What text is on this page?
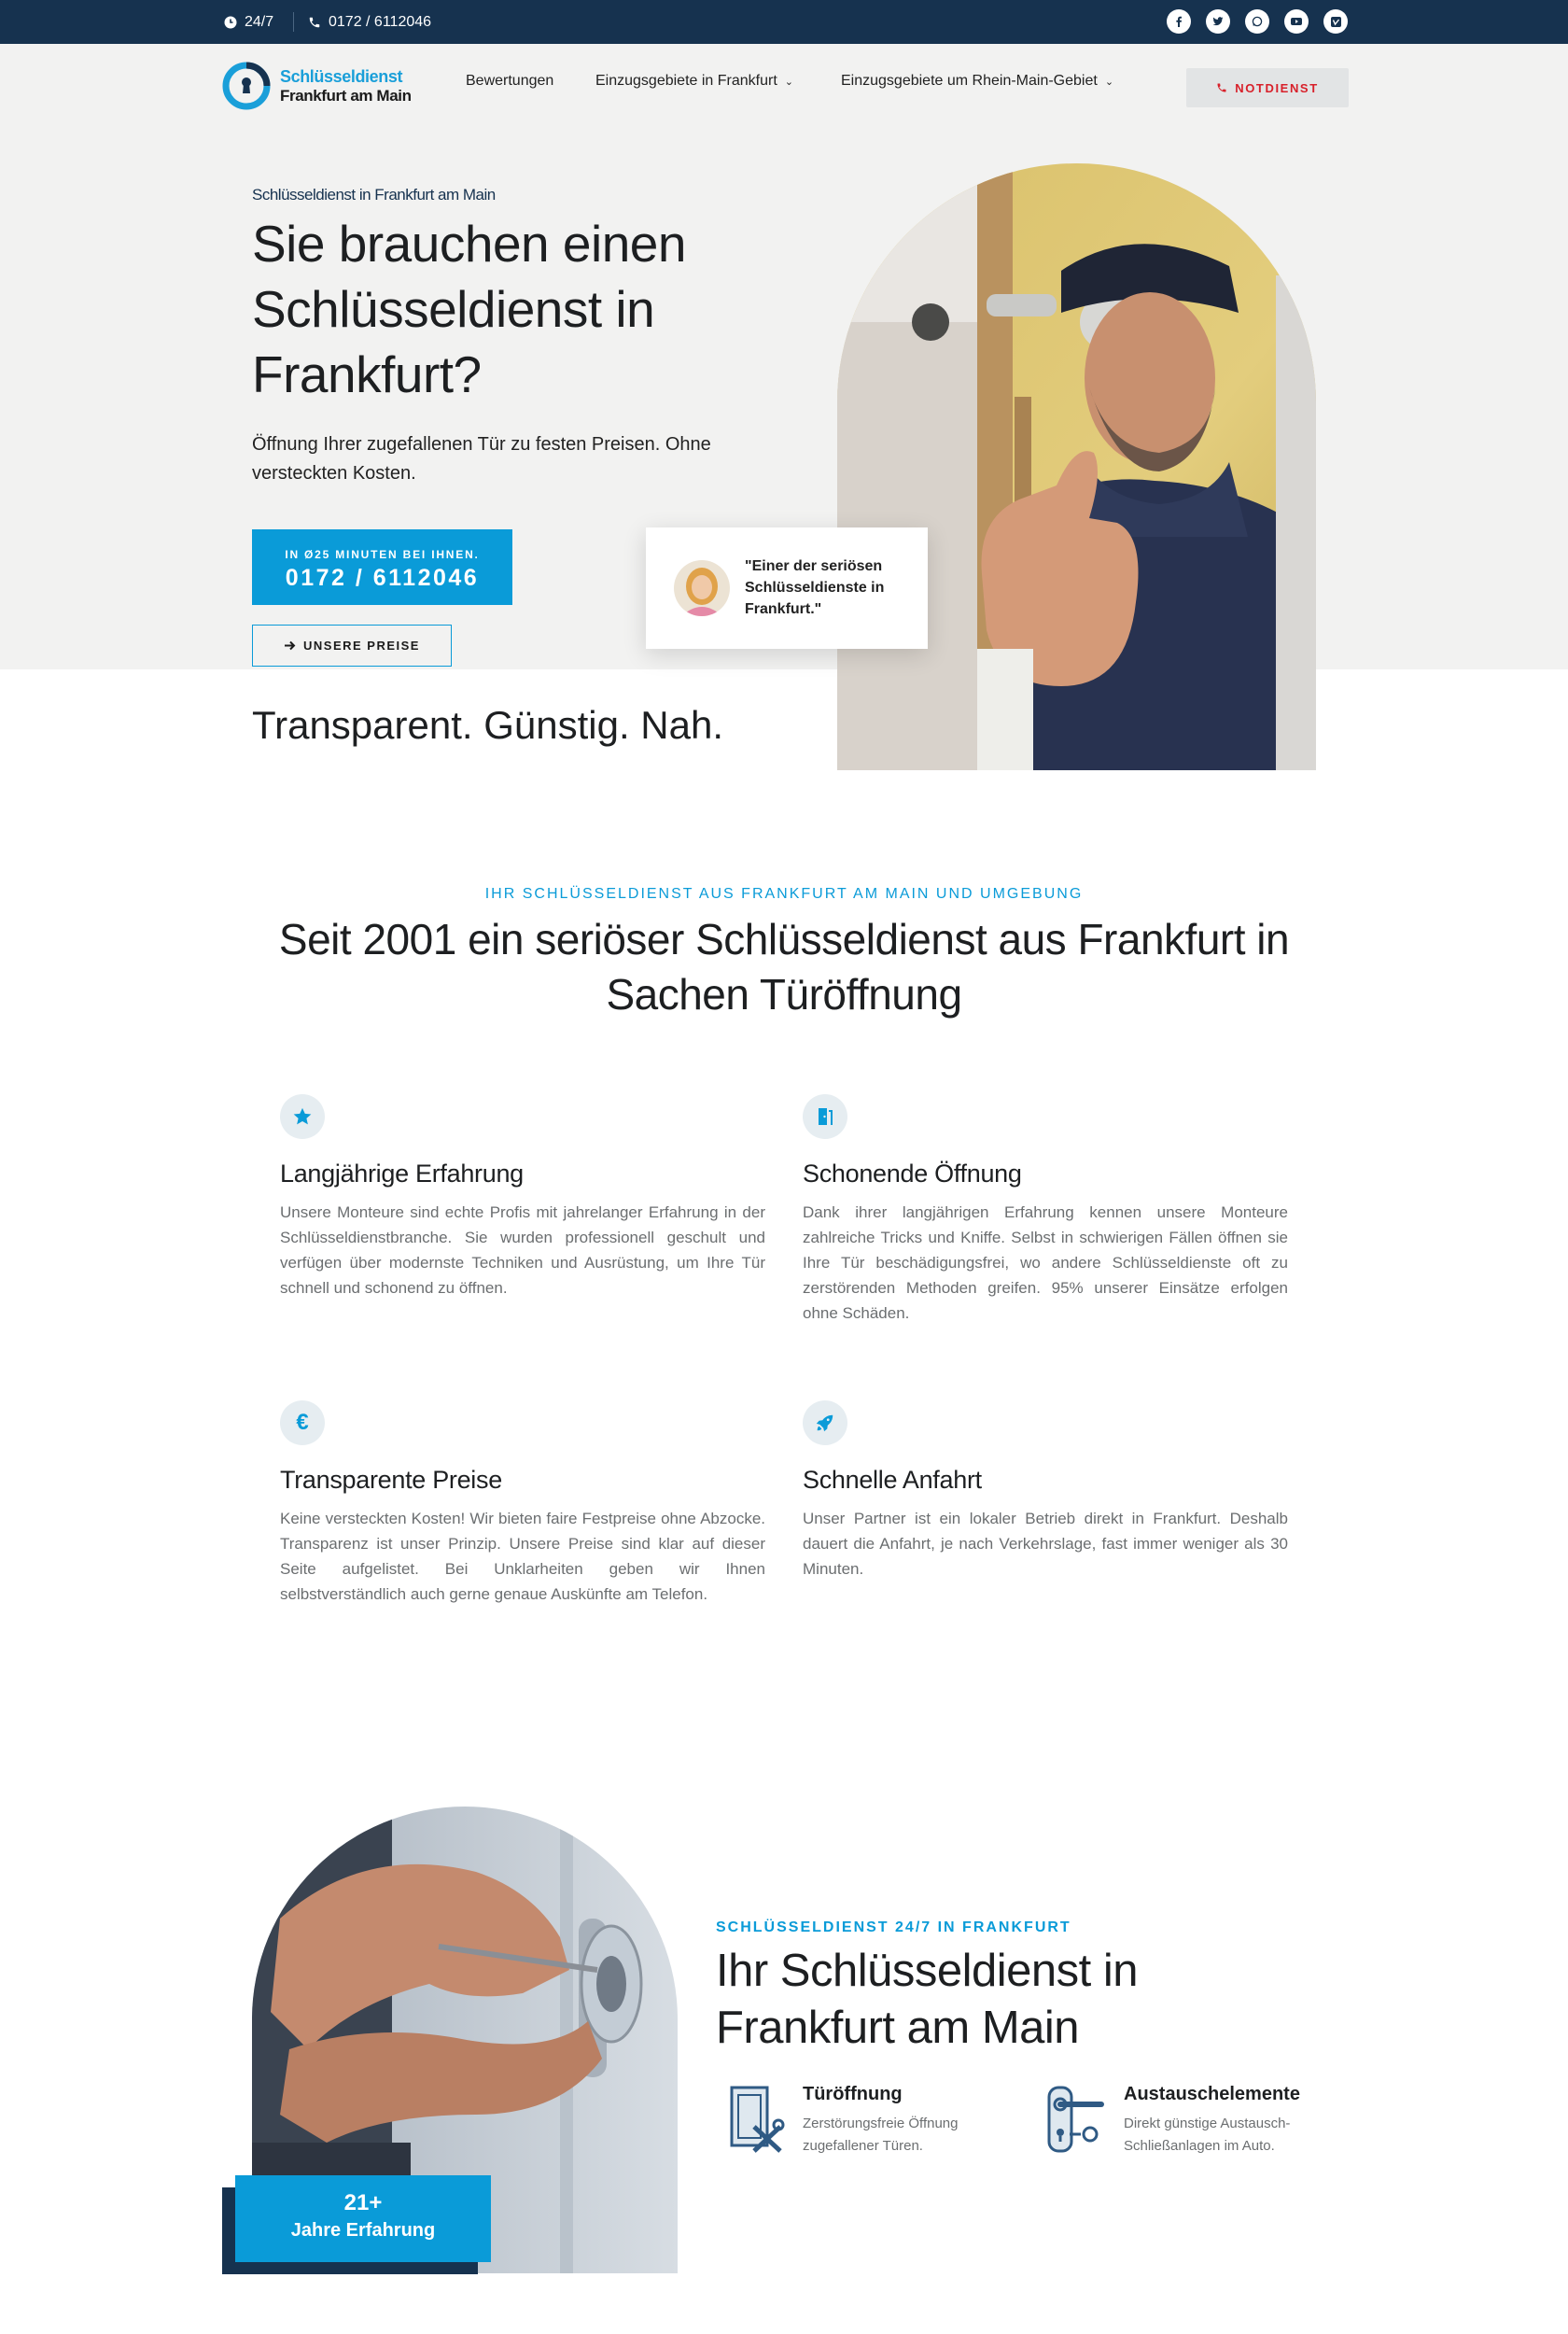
24/7	0172 / 6112046
Schlüsseldienst
Frankfurt am Main
Bewertungen	Einzugsgebiete in Frankfurt ⌄	Einzugsgebiete um Rhein-Main-Gebiet ⌄	NOTDIENST
Schlüsseldienst in Frankfurt am Main
Sie brauchen einen Schlüsseldienst in Frankfurt?
Öffnung Ihrer zugefallenen Tür zu festen Preisen. Ohne versteckten Kosten.
IN Ø25 MINUTEN BEI IHNEN.
0172 / 6112046
UNSERE PREISE
Transparent. Günstig. Nah.
"Einer der seriösen Schlüsseldienste in Frankfurt."
IHR SCHLÜSSELDIENST AUS FRANKFURT AM MAIN UND UMGEBUNG
Seit 2001 ein seriöser Schlüsseldienst aus Frankfurt in Sachen Türöffnung
Langjährige Erfahrung

Unsere Monteure sind echte Profis mit jahrelanger Erfahrung in der Schlüsseldienstbranche. Sie wurden professionell geschult und verfügen über modernste Techniken und Ausrüstung, um Ihre Tür schnell und schonend zu öffnen.

Schonende Öffnung

Dank ihrer langjährigen Erfahrung kennen unsere Monteure zahlreiche Tricks und Kniffe. Selbst in schwierigen Fällen öffnen sie Ihre Tür beschädigungsfrei, wo andere Schlüsseldienste oft zu zerstörenden Methoden greifen. 95% unserer Einsätze erfolgen ohne Schäden.

€
Transparente Preise

Keine versteckten Kosten! Wir bieten faire Festpreise ohne Abzocke. Transparenz ist unser Prinzip. Unsere Preise sind klar auf dieser Seite aufgelistet. Bei Unklarheiten geben wir Ihnen selbstverständlich auch gerne genaue Auskünfte am Telefon.

Schnelle Anfahrt

Unser Partner ist ein lokaler Betrieb direkt in Frankfurt. Deshalb dauert die Anfahrt, je nach Verkehrslage, fast immer weniger als 30 Minuten.

21+
Jahre Erfahrung
SCHLÜSSELDIENST 24/7 IN FRANKFURT
Ihr Schlüsseldienst in Frankfurt am Main
Türöffnung

Zerstörungsfreie Öffnung zugefallener Türen.

Austauschelemente

Direkt günstige Austausch-Schließanlagen im Auto.
